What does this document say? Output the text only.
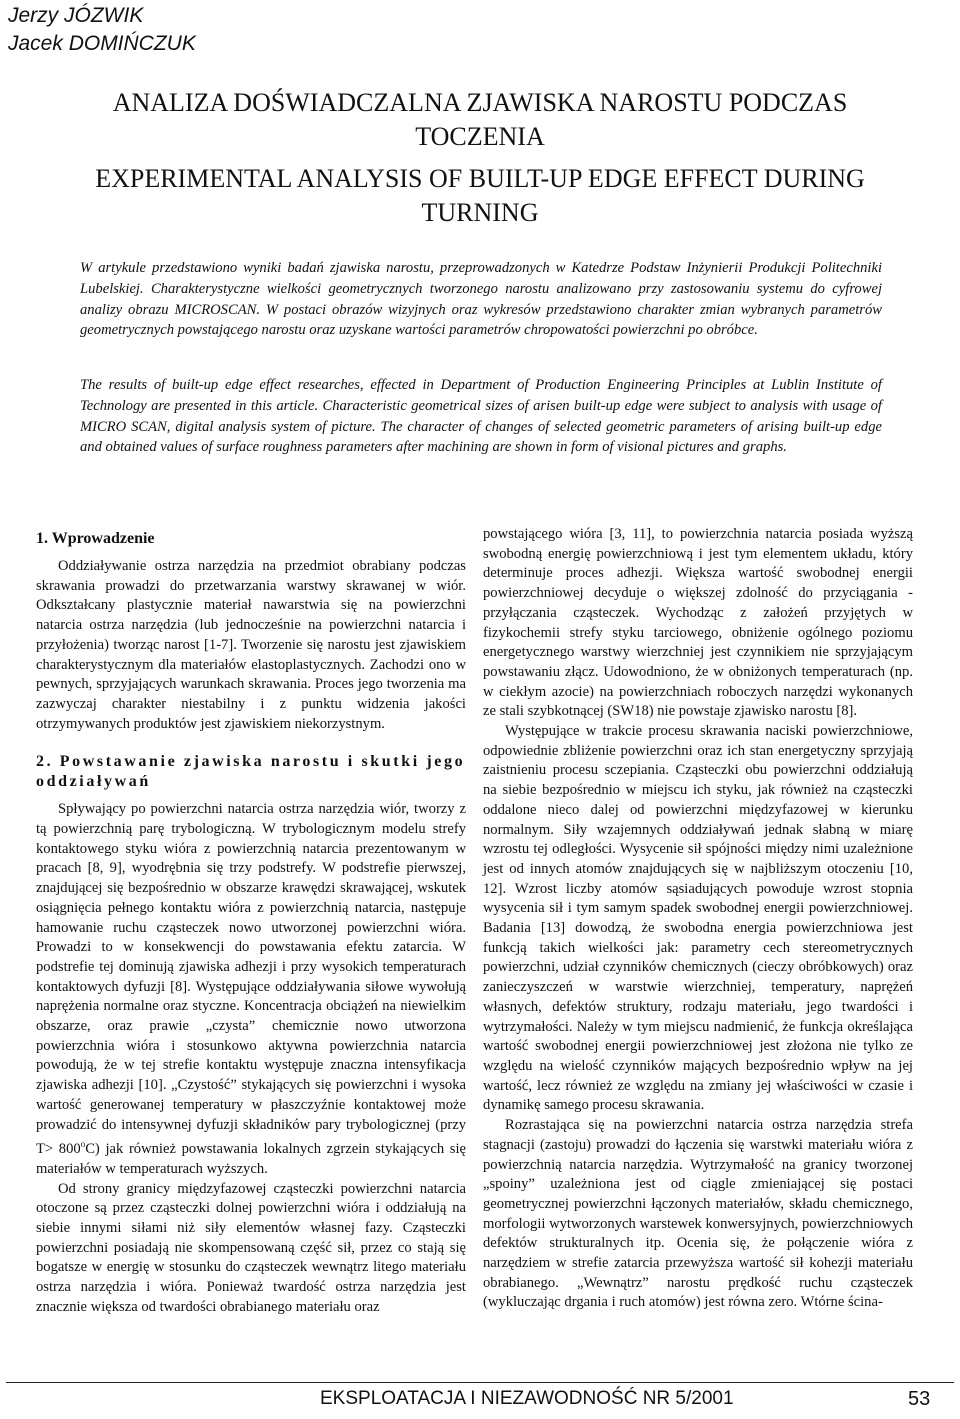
Jerzy JÓZWIK
Jacek DOMIŃCZUK
ANALIZA DOŚWIADCZALNA ZJAWISKA NAROSTU PODCZAS
TOCZENIA
EXPERIMENTAL ANALYSIS OF BUILT-UP EDGE EFFECT DURING
TURNING

W artykule przedstawiono wyniki badań zjawiska narostu, przeprowadzonych w Katedrze Podstaw Inżynierii Produkcji Politechniki Lubelskiej. Charakterystyczne wielkości geometrycznych tworzonego narostu analizowano przy zastosowaniu systemu do cyfrowej analizy obrazu MICROSCAN. W postaci obrazów wizyjnych oraz wykresów przedstawiono charakter zmian wybranych parametrów geometrycznych powstającego narostu oraz uzyskane wartości parametrów chropowatości powierzchni po obróbce.

The results of built-up edge effect researches, effected in Department of Production Engineering Principles at Lublin Institute of Technology are presented in this article. Characteristic geometrical sizes of arisen built-up edge were subject to analysis with usage of MICRO SCAN, digital analysis system of picture. The character of changes of selected geometric parameters of arising built-up edge and obtained values of surface roughness parameters after machining are shown in form of visional pictures and graphs.

1. Wprowadzenie

Oddziaływanie ostrza narzędzia na przedmiot obrabiany podczas skrawania prowadzi do przetwarzania warstwy skrawanej w wiór. Odkształcany plastycznie materiał nawarstwia się na powierzchni natarcia ostrza narzędzia (lub jednocześnie na powierzchni natarcia i przyłożenia) tworząc narost [1-7]. Tworzenie się narostu jest zjawiskiem charakterystycznym dla materiałów elastoplastycznych. Zachodzi ono w pewnych, sprzyjających warunkach skrawania. Proces jego tworzenia ma zazwyczaj charakter niestabilny i z punktu widzenia jakości otrzymywanych produktów jest zjawiskiem niekorzystnym.

2. Powstawanie zjawiska narostu i skutki jego oddziaływań

Spływający po powierzchni natarcia ostrza narzędzia wiór, tworzy z tą powierzchnią parę trybologiczną. W trybologicznym modelu strefy kontaktowego styku wióra z powierzchnią natarcia prezentowanym w pracach [8, 9], wyodrębnia się trzy podstrefy. W podstrefie pierwszej, znajdującej się bezpośrednio w obszarze krawędzi skrawającej, wskutek osiągnięcia pełnego kontaktu wióra z powierzchnią natarcia, następuje hamowanie ruchu cząsteczek nowo utworzonej powierzchni wióra. Prowadzi to w konsekwencji do powstawania efektu zatarcia. W podstrefie tej dominują zjawiska adhezji i przy wysokich temperaturach kontaktowych dyfuzji [8]. Występujące oddziaływania siłowe wywołują naprężenia normalne oraz styczne. Koncentracja obciążeń na niewielkim obszarze, oraz prawie „czysta” chemicznie nowo utworzona powierzchnia wióra i stosunkowo aktywna powierzchnia natarcia powodują, że w tej strefie kontaktu występuje znaczna intensyfikacja zjawiska adhezji [10]. „Czystość” stykających się powierzchni i wysoka wartość generowanej temperatury w płaszczyźnie kontaktowej może prowadzić do intensywnej dyfuzji składników pary trybologicznej (przy $T> 800^oC$) jak również powstawania lokalnych zgrzein stykających się materiałów w temperaturach wyższych.

Od strony granicy międzyfazowej cząsteczki powierzchni natarcia otoczone są przez cząsteczki dolnej powierzchni wióra i oddziałują na siebie innymi siłami niż siły elementów własnej fazy. Cząsteczki powierzchni posiadają nie skompensowaną część sił, przez co stają się bogatsze w energię w stosunku do cząsteczek wewnątrz litego materiału ostrza narzędzia i wióra. Ponieważ twardość ostrza narzędzia jest znacznie większa od twardości obrabianego materiału oraz

powstającego wióra [3, 11], to powierzchnia natarcia posiada wyższą swobodną energię powierzchniową i jest tym elementem układu, który determinuje proces adhezji. Większa wartość swobodnej energii powierzchniowej decyduje o większej zdolność do przyciągania - przyłączania cząsteczek. Wychodząc z założeń przyjętych w fizykochemii strefy styku tarciowego, obniżenie ogólnego poziomu energetycznego warstwy wierzchniej jest czynnikiem nie sprzyjającym powstawaniu złącz. Udowodniono, że w obniżonych temperaturach (np. w ciekłym azocie) na powierzchniach roboczych narzędzi wykonanych ze stali szybkotnącej (SW18) nie powstaje zjawisko narostu [8].

Występujące w trakcie procesu skrawania naciski powierzchniowe, odpowiednie zbliżenie powierzchni oraz ich stan energetyczny sprzyjają zaistnieniu procesu sczepiania. Cząsteczki obu powierzchni oddziałują na siebie bezpośrednio w miejscu ich styku, jak również na cząsteczki oddalone nieco dalej od powierzchni międzyfazowej w kierunku normalnym. Siły wzajemnych oddziaływań jednak słabną w miarę wzrostu tej odległości. Wysycenie sił spójności między nimi uzależnione jest od innych atomów znajdujących się w najbliższym otoczeniu [10, 12]. Wzrost liczby atomów sąsiadujących powoduje wzrost stopnia wysycenia sił i tym samym spadek swobodnej energii powierzchniowej. Badania [13] dowodzą, że swobodna energia powierzchniowa jest funkcją takich wielkości jak: parametry cech stereometrycznych powierzchni, udział czynników chemicznych (cieczy obróbkowych) oraz zanieczyszczeń w warstwie wierzchniej, temperatury, naprężeń własnych, defektów struktury, rodzaju materiału, jego twardości i wytrzymałości. Należy w tym miejscu nadmienić, że funkcja określająca wartość swobodnej energii powierzchniowej jest złożona nie tylko ze względu na wielość czynników mających bezpośrednio wpływ na jej wartość, lecz również ze względu na zmiany jej właściwości w czasie i dynamikę samego procesu skrawania.

Rozrastająca się na powierzchni natarcia ostrza narzędzia strefa stagnacji (zastoju) prowadzi do łączenia się warstwki materiału wióra z powierzchnią natarcia narzędzia. Wytrzymałość na granicy tworzonej „spoiny” uzależniona jest od ciągle zmieniającej się postaci geometrycznej powierzchni łączonych materiałów, składu chemicznego, morfologii wytworzonych warstewek konwersyjnych, powierzchniowych defektów strukturalnych itp. Ocenia się, że połączenie wióra z narzędziem w strefie zatarcia przewyższa wartość sił kohezji materiału obrabianego. „Wewnątrz” narostu prędkość ruchu cząsteczek (wykluczając drgania i ruch atomów) jest równa zero. Wtórne ścina-

EKSPLOATACJA I NIEZAWODNOŚĆ NR 5/2001	53
